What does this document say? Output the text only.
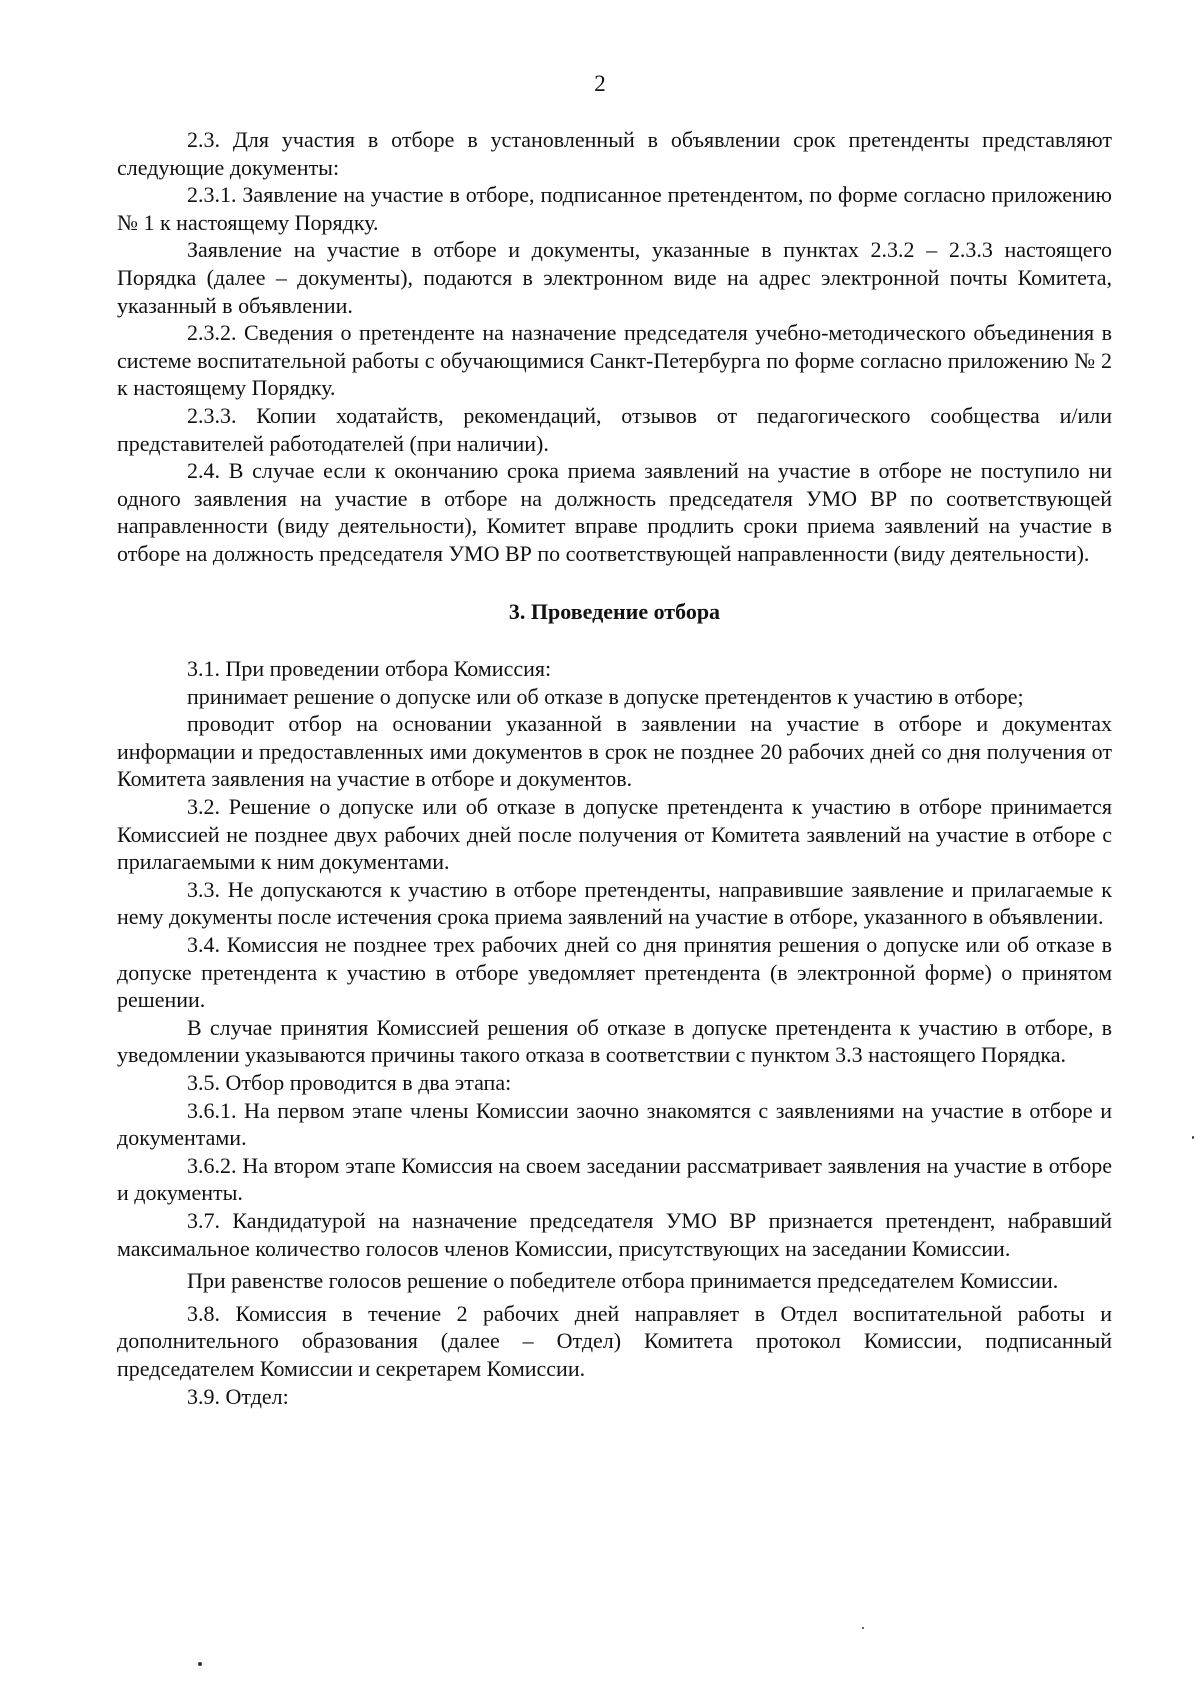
2

2.3. Для участия в отборе в установленный в объявлении срок претенденты представляют следующие документы:

2.3.1. Заявление на участие в отборе, подписанное претендентом, по форме согласно приложению № 1 к настоящему Порядку.

Заявление на участие в отборе и документы, указанные в пунктах 2.3.2 – 2.3.3 настоящего Порядка (далее – документы), подаются в электронном виде на адрес электронной почты Комитета, указанный в объявлении.

2.3.2. Сведения о претенденте на назначение председателя учебно-методического объединения в системе воспитательной работы с обучающимися Санкт-Петербурга по форме согласно приложению № 2 к настоящему Порядку.

2.3.3. Копии ходатайств, рекомендаций, отзывов от педагогического сообщества и/или представителей работодателей (при наличии).

2.4. В случае если к окончанию срока приема заявлений на участие в отборе не поступило ни одного заявления на участие в отборе на должность председателя УМО ВР по соответствующей направленности (виду деятельности), Комитет вправе продлить сроки приема заявлений на участие в отборе на должность председателя УМО ВР по соответствующей направленности (виду деятельности).

3. Проведение отбора

3.1. При проведении отбора Комиссия:

принимает решение о допуске или об отказе в допуске претендентов к участию в отборе;

проводит отбор на основании указанной в заявлении на участие в отборе и документах информации и предоставленных ими документов в срок не позднее 20 рабочих дней со дня получения от Комитета заявления на участие в отборе и документов.

3.2. Решение о допуске или об отказе в допуске претендента к участию в отборе принимается Комиссией не позднее двух рабочих дней после получения от Комитета заявлений на участие в отборе с прилагаемыми к ним документами.

3.3. Не допускаются к участию в отборе претенденты, направившие заявление и прилагаемые к нему документы после истечения срока приема заявлений на участие в отборе, указанного в объявлении.

3.4. Комиссия не позднее трех рабочих дней со дня принятия решения о допуске или об отказе в допуске претендента к участию в отборе уведомляет претендента (в электронной форме) о принятом решении.

В случае принятия Комиссией решения об отказе в допуске претендента к участию в отборе, в уведомлении указываются причины такого отказа в соответствии с пунктом 3.3 настоящего Порядка.

3.5. Отбор проводится в два этапа:

3.6.1. На первом этапе члены Комиссии заочно знакомятся с заявлениями на участие в отборе и документами.

3.6.2. На втором этапе Комиссия на своем заседании рассматривает заявления на участие в отборе и документы.

3.7. Кандидатурой на назначение председателя УМО ВР признается претендент, набравший максимальное количество голосов членов Комиссии, присутствующих на заседании Комиссии.

При равенстве голосов решение о победителе отбора принимается председателем Комиссии.

3.8. Комиссия в течение 2 рабочих дней направляет в Отдел воспитательной работы и дополнительного образования (далее – Отдел) Комитета протокол Комиссии, подписанный председателем Комиссии и секретарем Комиссии.

3.9. Отдел:
